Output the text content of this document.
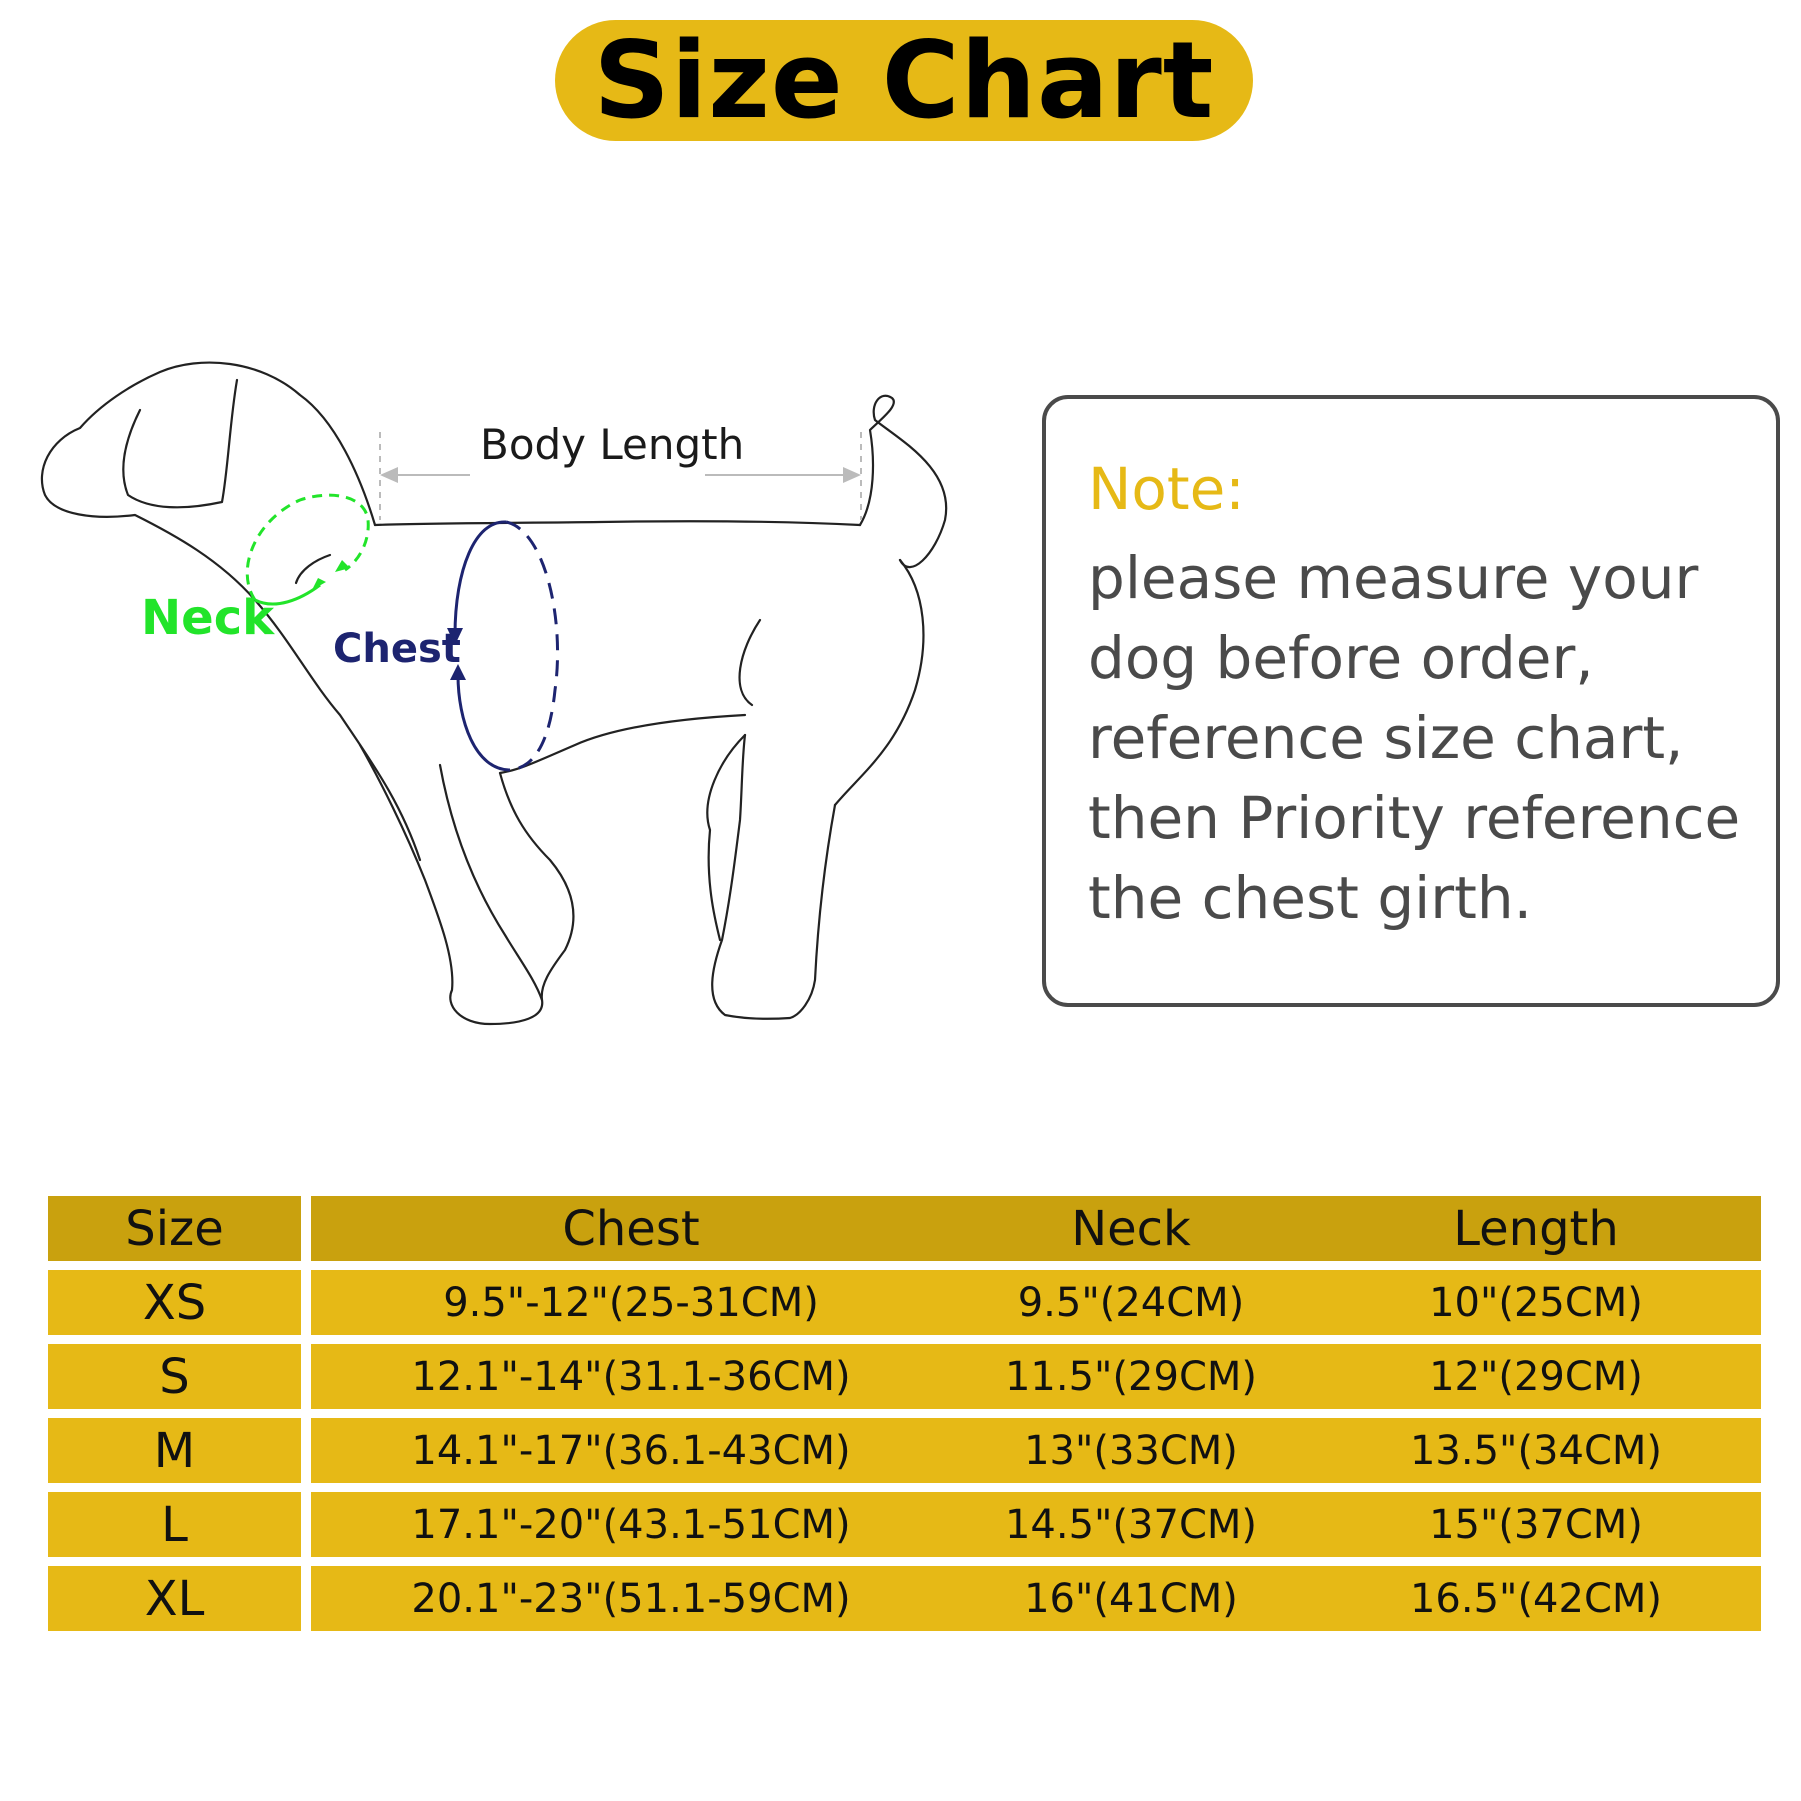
Size Chart
Body Length
Neck
Chest
Note:
please measure your
dog before order,
reference size chart,
then Priority reference
the chest girth.
Size	Chest	Neck	Length
XS	9.5"-12"(25-31CM)	9.5"(24CM)	10"(25CM)
S	12.1"-14"(31.1-36CM)	11.5"(29CM)	12"(29CM)
M	14.1"-17"(36.1-43CM)	13"(33CM)	13.5"(34CM)
L	17.1"-20"(43.1-51CM)	14.5"(37CM)	15"(37CM)
XL	20.1"-23"(51.1-59CM)	16"(41CM)	16.5"(42CM)
